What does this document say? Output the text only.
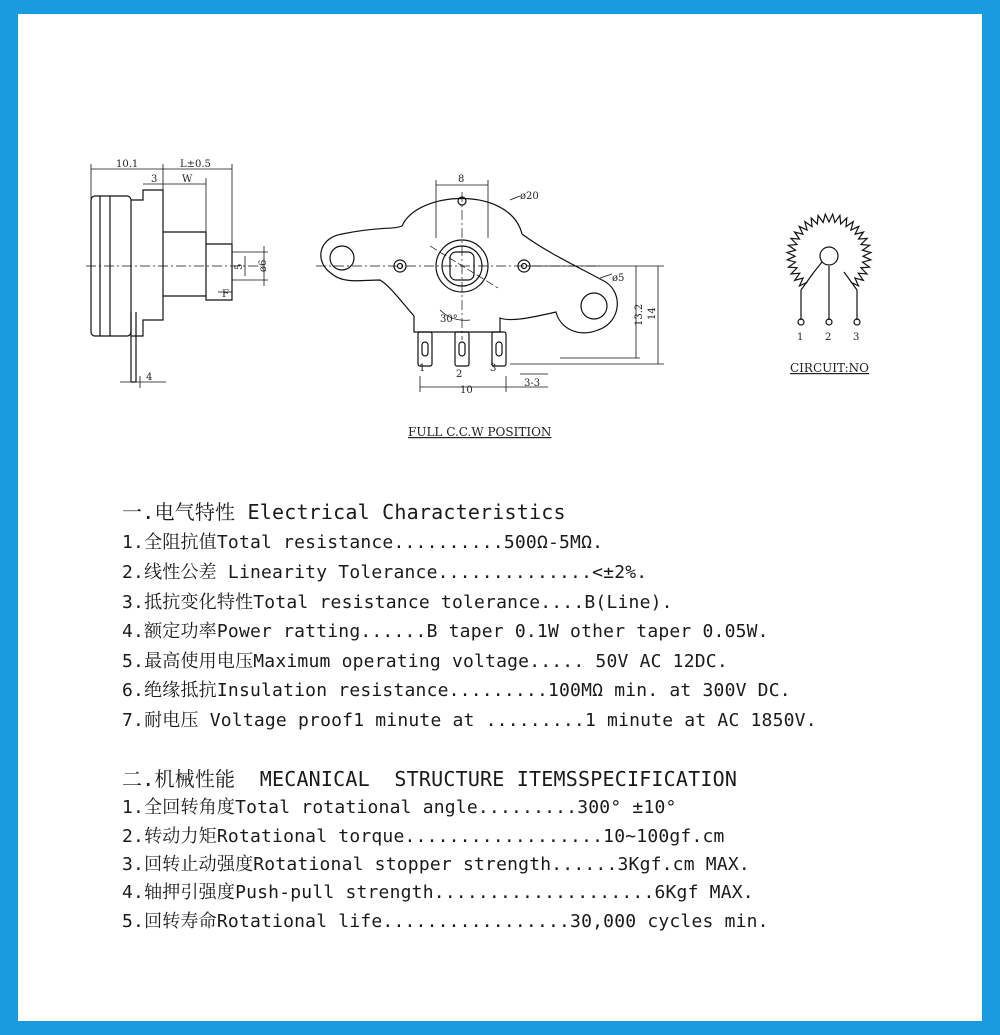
10.1	L±0.5
3 W
5 ø6
F
4
8
ø20
ø5
13.2 14
30°
10
3-3
1
2
3
FULL C.C.W POSITION
1 2 3
CIRCUIT:NO
一.电气特性 Electrical Characteristics
1.全阻抗值Total resistance..........500Ω-5MΩ.
2.线性公差 Linearity Tolerance..............<±2%.
3.抵抗变化特性Total resistance tolerance....B(Line).
4.额定功率Power ratting......B taper 0.1W other taper 0.05W.
5.最高使用电压Maximum operating voltage..... 50V AC 12DC.
6.绝缘抵抗Insulation resistance.........100MΩ min. at 300V DC.
7.耐电压 Voltage proof1 minute at .........1 minute at AC 1850V.
二.机械性能  MECANICAL  STRUCTURE ITEMSSPECIFICATION
1.全回转角度Total rotational angle.........300° ±10°
2.转动力矩Rotational torque..................10~100gf.cm
3.回转止动强度Rotational stopper strength......3Kgf.cm MAX.
4.轴押引强度Push-pull strength....................6Kgf MAX.
5.回转寿命Rotational life.................30,000 cycles min.
